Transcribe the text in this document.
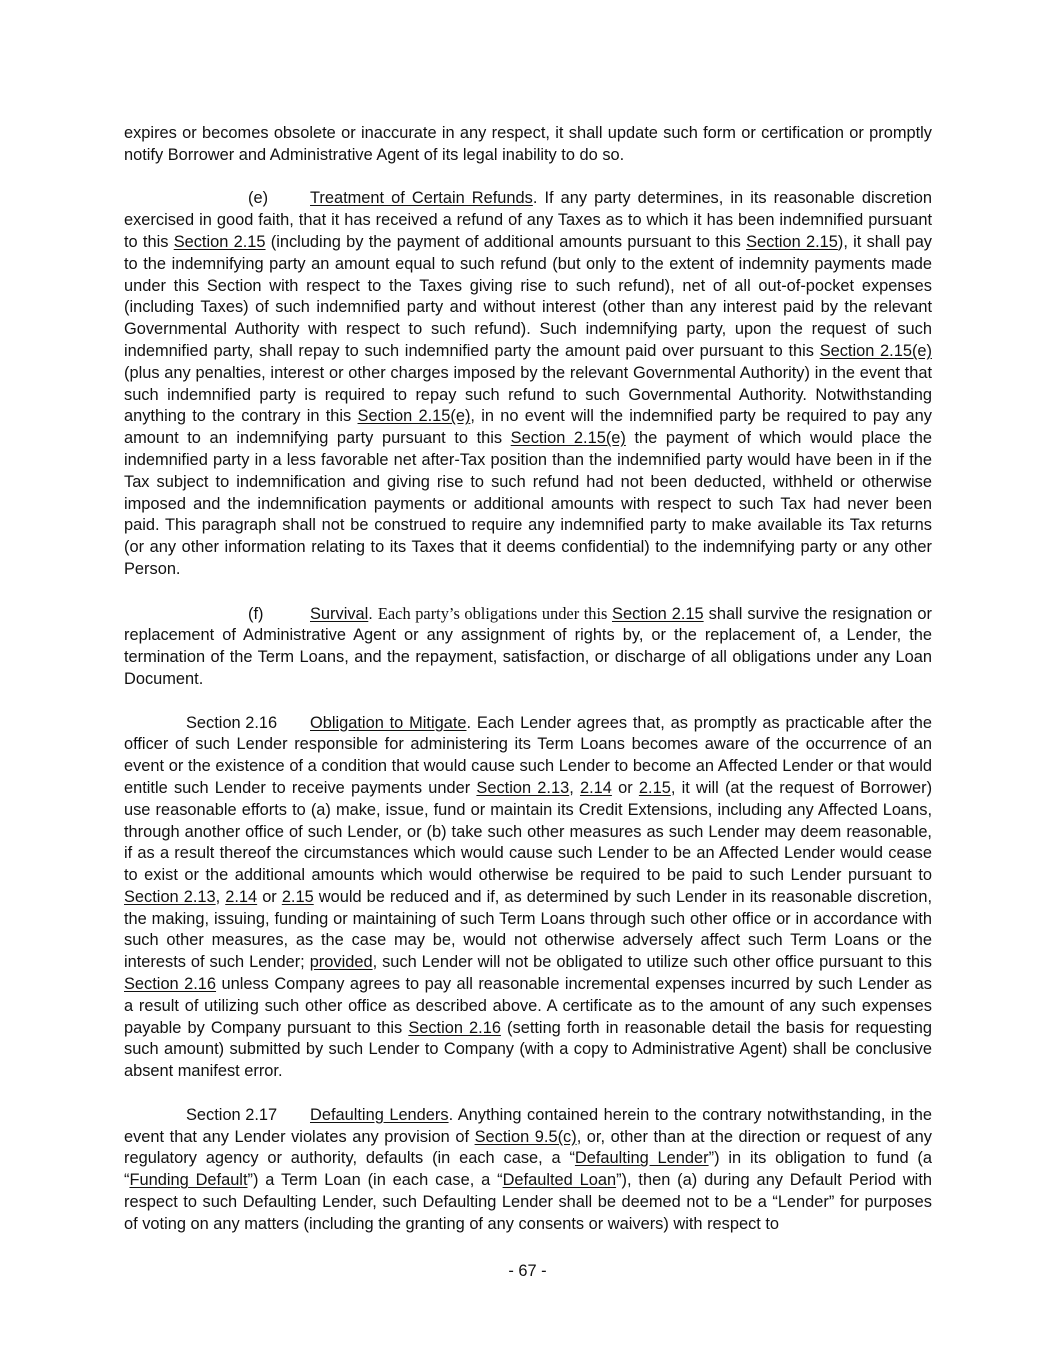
expires or becomes obsolete or inaccurate in any respect, it shall update such form or certification or promptly notify Borrower and Administrative Agent of its legal inability to do so.

(e)	Treatment of Certain Refunds. If any party determines, in its reasonable discretion exercised in good faith, that it has received a refund of any Taxes as to which it has been indemnified pursuant to this Section 2.15 (including by the payment of additional amounts pursuant to this Section 2.15), it shall pay to the indemnifying party an amount equal to such refund (but only to the extent of indemnity payments made under this Section with respect to the Taxes giving rise to such refund), net of all out-of-pocket expenses (including Taxes) of such indemnified party and without interest (other than any interest paid by the relevant Governmental Authority with respect to such refund). Such indemnifying party, upon the request of such indemnified party, shall repay to such indemnified party the amount paid over pursuant to this Section 2.15(e) (plus any penalties, interest or other charges imposed by the relevant Governmental Authority) in the event that such indemnified party is required to repay such refund to such Governmental Authority. Notwithstanding anything to the contrary in this Section 2.15(e), in no event will the indemnified party be required to pay any amount to an indemnifying party pursuant to this Section 2.15(e) the payment of which would place the indemnified party in a less favorable net after-Tax position than the indemnified party would have been in if the Tax subject to indemnification and giving rise to such refund had not been deducted, withheld or otherwise imposed and the indemnification payments or additional amounts with respect to such Tax had never been paid. This paragraph shall not be construed to require any indemnified party to make available its Tax returns (or any other information relating to its Taxes that it deems confidential) to the indemnifying party or any other Person.

(f)	Survival. Each party’s obligations under this Section 2.15 shall survive the resignation or replacement of Administrative Agent or any assignment of rights by, or the replacement of, a Lender, the termination of the Term Loans, and the repayment, satisfaction, or discharge of all obligations under any Loan Document.

Section 2.16 Obligation to Mitigate. Each Lender agrees that, as promptly as practicable after the officer of such Lender responsible for administering its Term Loans becomes aware of the occurrence of an event or the existence of a condition that would cause such Lender to become an Affected Lender or that would entitle such Lender to receive payments under Section 2.13, 2.14 or 2.15, it will (at the request of Borrower) use reasonable efforts to (a) make, issue, fund or maintain its Credit Extensions, including any Affected Loans, through another office of such Lender, or (b) take such other measures as such Lender may deem reasonable, if as a result thereof the circumstances which would cause such Lender to be an Affected Lender would cease to exist or the additional amounts which would otherwise be required to be paid to such Lender pursuant to Section 2.13, 2.14 or 2.15 would be reduced and if, as determined by such Lender in its reasonable discretion, the making, issuing, funding or maintaining of such Term Loans through such other office or in accordance with such other measures, as the case may be, would not otherwise adversely affect such Term Loans or the interests of such Lender; provided, such Lender will not be obligated to utilize such other office pursuant to this Section 2.16 unless Company agrees to pay all reasonable incremental expenses incurred by such Lender as a result of utilizing such other office as described above. A certificate as to the amount of any such expenses payable by Company pursuant to this Section 2.16 (setting forth in reasonable detail the basis for requesting such amount) submitted by such Lender to Company (with a copy to Administrative Agent) shall be conclusive absent manifest error.

Section 2.17 Defaulting Lenders. Anything contained herein to the contrary notwithstanding, in the event that any Lender violates any provision of Section 9.5(c), or, other than at the direction or request of any regulatory agency or authority, defaults (in each case, a “Defaulting Lender”) in its obligation to fund (a “Funding Default”) a Term Loan (in each case, a “Defaulted Loan”), then (a) during any Default Period with respect to such Defaulting Lender, such Defaulting Lender shall be deemed not to be a “Lender” for purposes of voting on any matters (including the granting of any consents or waivers) with respect to

- 67 -
